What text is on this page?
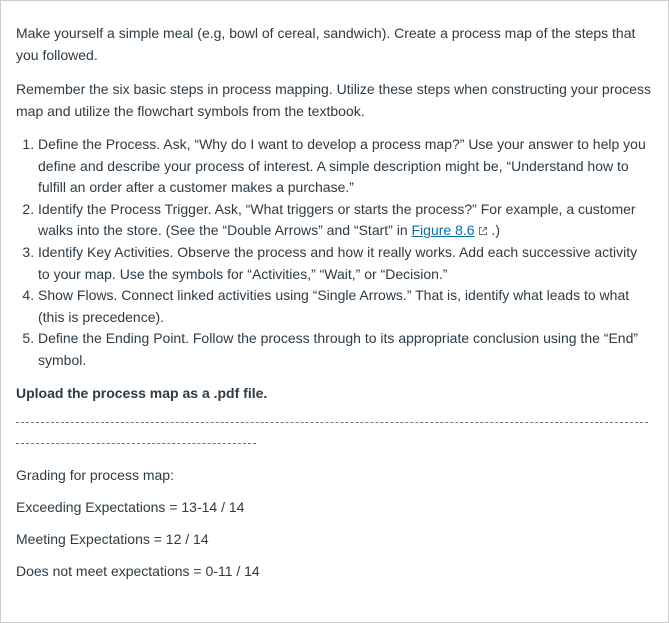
Make yourself a simple meal (e.g, bowl of cereal, sandwich). Create a process map of the steps that you followed.

Remember the six basic steps in process mapping. Utilize these steps when constructing your process map and utilize the flowchart symbols from the textbook.

1. Define the Process. Ask, “Why do I want to develop a process map?” Use your answer to help you define and describe your process of interest. A simple description might be, “Understand how to fulfill an order after a customer makes a purchase.”
2. Identify the Process Trigger. Ask, “What triggers or starts the process?” For example, a customer walks into the store. (See the “Double Arrows” and “Start” in Figure 8.6 .)
3. Identify Key Activities. Observe the process and how it really works. Add each successive activity to your map. Use the symbols for “Activities,” “Wait,” or “Decision.”
4. Show Flows. Connect linked activities using “Single Arrows.” That is, identify what leads to what (this is precedence).
5. Define the Ending Point. Follow the process through to its appropriate conclusion using the “End” symbol.

Upload the process map as a .pdf file.

Grading for process map:

Exceeding Expectations = 13-14 / 14

Meeting Expectations = 12 / 14

Does not meet expectations = 0-11 / 14
